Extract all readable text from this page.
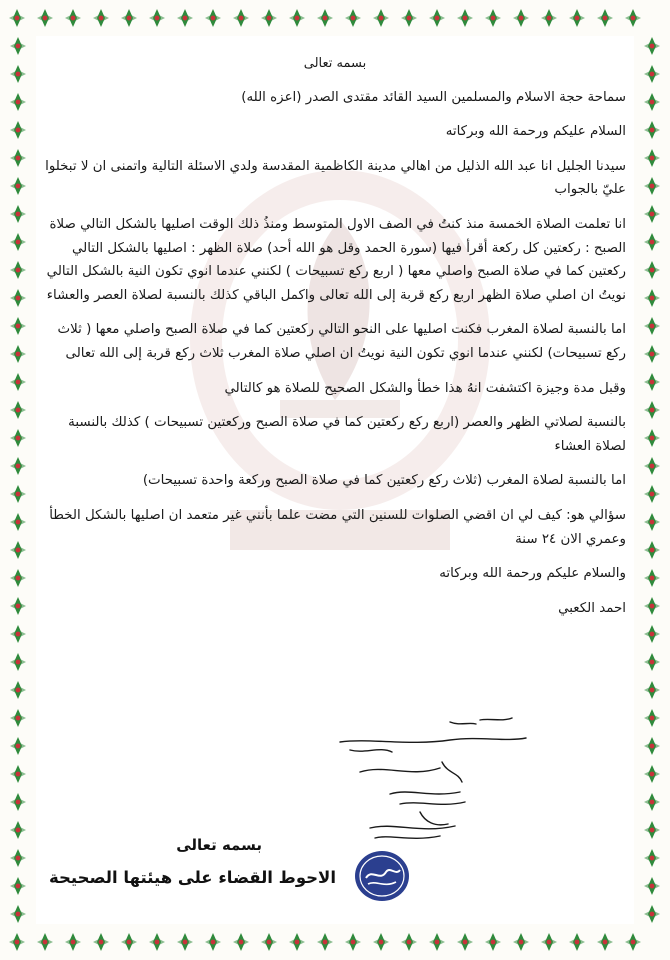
بسمه تعالى

سماحة حجة الاسلام والمسلمين السيد القائد مقتدى الصدر (اعزه الله)

السلام عليكم ورحمة الله وبركاته

سيدنا الجليل انا عبد الله الذليل من اهالي مدينة الكاظمية المقدسة ولدي الاسئلة التالية واتمنى ان لا تبخلوا عليّ بالجواب

انا تعلمت الصلاة الخمسة منذ كنتُ في الصف الاول المتوسط ومنذُ ذلك الوقت اصليها بالشكل التالي صلاة الصبح : ركعتين كل ركعة أقرأ فيها (سورة الحمد وقل هو الله أحد) صلاة الظهر : اصليها بالشكل التالي ركعتين كما في صلاة الصبح واصلي معها ( اربع ركع تسبيحات ) لكنني عندما انوي تكون النية بالشكل التالي نويتُ ان اصلي صلاة الظهر اربع ركع قربة إلى الله تعالى واكمل الباقي كذلك بالنسبة لصلاة العصر والعشاء

اما بالنسبة لصلاة المغرب فكنت اصليها على النحو التالي ركعتين كما في صلاة الصبح واصلي معها ( ثلاث ركع تسبيحات) لكنني عندما انوي تكون النية نويتُ ان اصلي صلاة المغرب ثلاث ركع قربة إلى الله تعالى

وقبل مدة وجيزة اكتشفت انهُ هذا خطأ والشكل الصحيح للصلاة هو كالتالي

بالنسبة لصلاتي الظهر والعصر (اربع ركع ركعتين كما في صلاة الصبح وركعتين تسبيحات ) كذلك بالنسبة لصلاة العشاء

اما بالنسبة لصلاة المغرب (ثلاث ركع ركعتين كما في صلاة الصبح وركعة واحدة تسبيحات)

سؤالي هو: كيف لي ان اقضي الصلوات للسنين التي مضت علما بأنني غير متعمد ان اصليها بالشكل الخطأ وعمري الان ٢٤ سنة

والسلام عليكم ورحمة الله وبركاته

احمد الكعبي

بسمه تعالى
الاحوط القضاء على هيئتها الصحيحة
